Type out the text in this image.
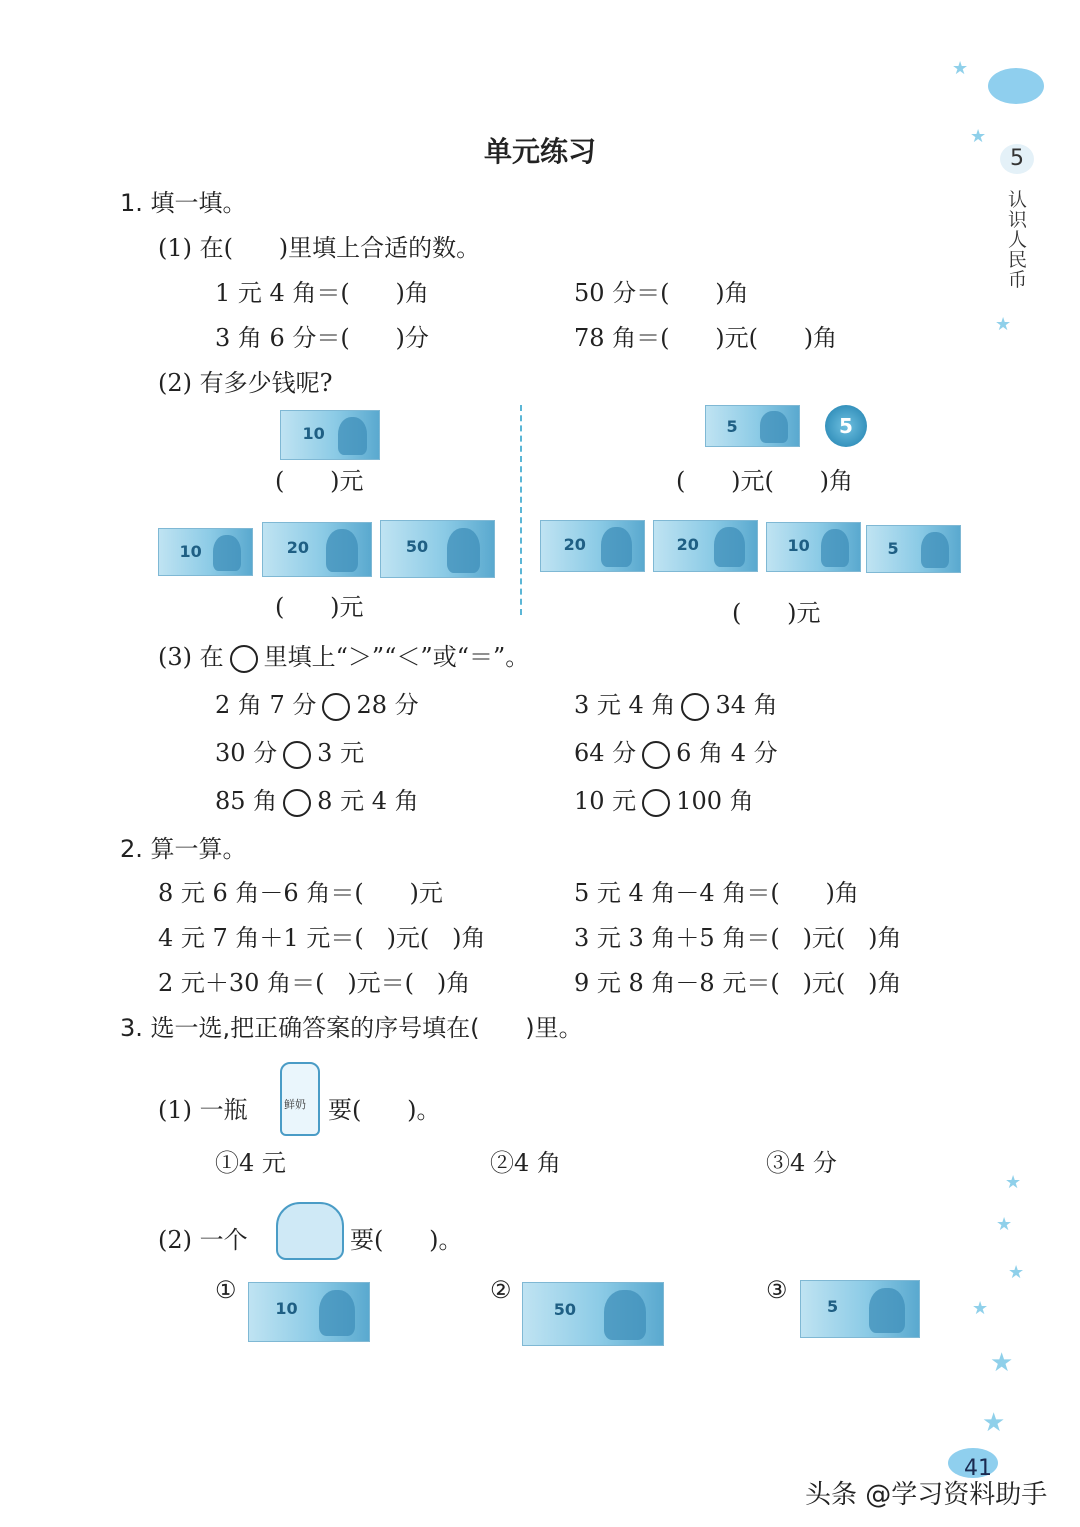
单元练习
★
★
★
★
★
★
★
★
★
5
认识人民币
41
1. 填一填。
(1) 在(      )里填上合适的数。
1 元 4 角＝(      )角	50 分＝(      )角
3 角 6 分＝(      )分	78 角＝(      )元(      )角
(2) 有多少钱呢?
10
(      )元
5	5
(      )元(      )角
10	20	50
(      )元
20	20	10	5
(      )元
(3) 在 里填上“＞”“＜”或“＝”。
2 角 7 分 28 分	3 元 4 角 34 角
30 分 3 元	64 分 6 角 4 分
85 角 8 元 4 角	10 元 100 角
2. 算一算。
8 元 6 角－6 角＝(      )元	5 元 4 角－4 角＝(      )角
4 元 7 角＋1 元＝(   )元(   )角	3 元 3 角＋5 角＝(   )元(   )角
2 元＋30 角＝(   )元＝(   )角	9 元 8 角－8 元＝(   )元(   )角
3. 选一选,把正确答案的序号填在(      )里。
(1) 一瓶	鲜奶 要(      )。
①4 元	②4 角	③4 分
(2) 一个	要(      )。
①
10
②
50
③
5
头条 @学习资料助手
